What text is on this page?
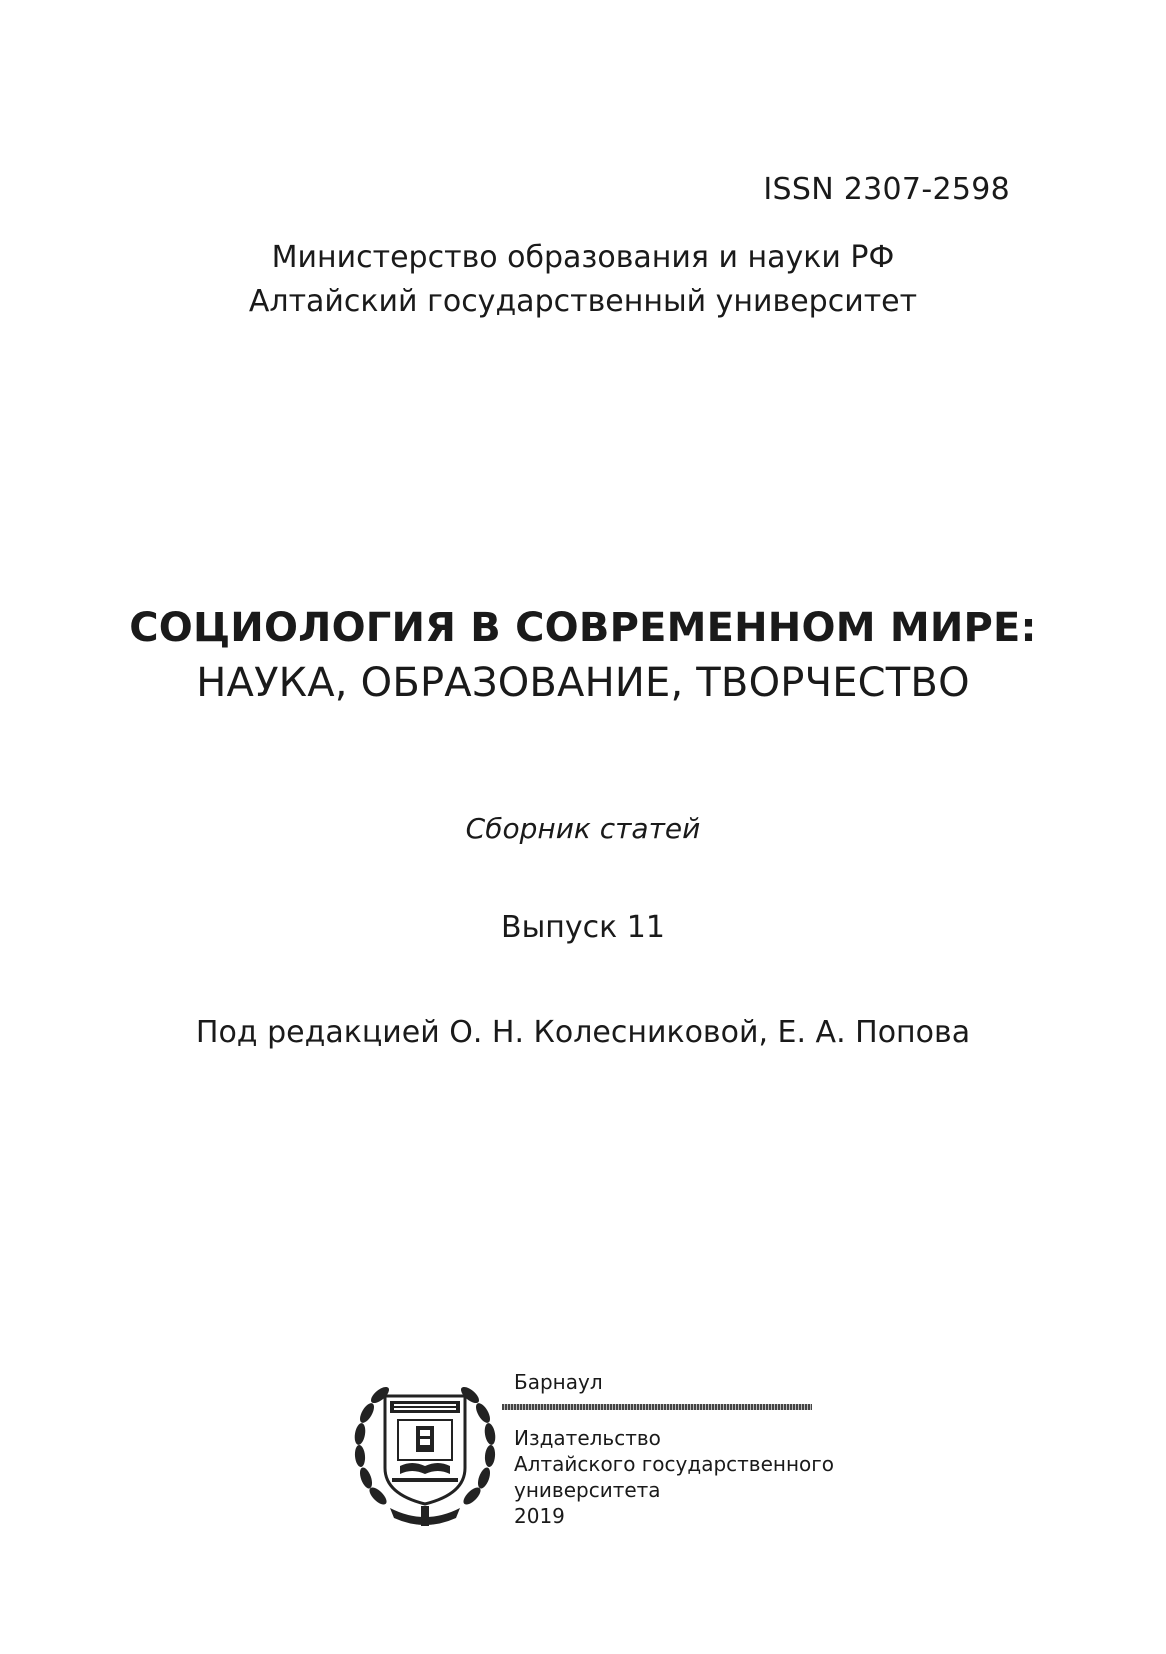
ISSN 2307-2598
Министерство образования и науки РФ
Алтайский государственный университет
СОЦИОЛОГИЯ В СОВРЕМЕННОМ МИРЕ:
НАУКА, ОБРАЗОВАНИЕ, ТВОРЧЕСТВО
Сборник статей
Выпуск 11
Под редакцией О. Н. Колесниковой, Е. А. Попова
Барнаул
Издательство
Алтайского государственного
университета
2019
